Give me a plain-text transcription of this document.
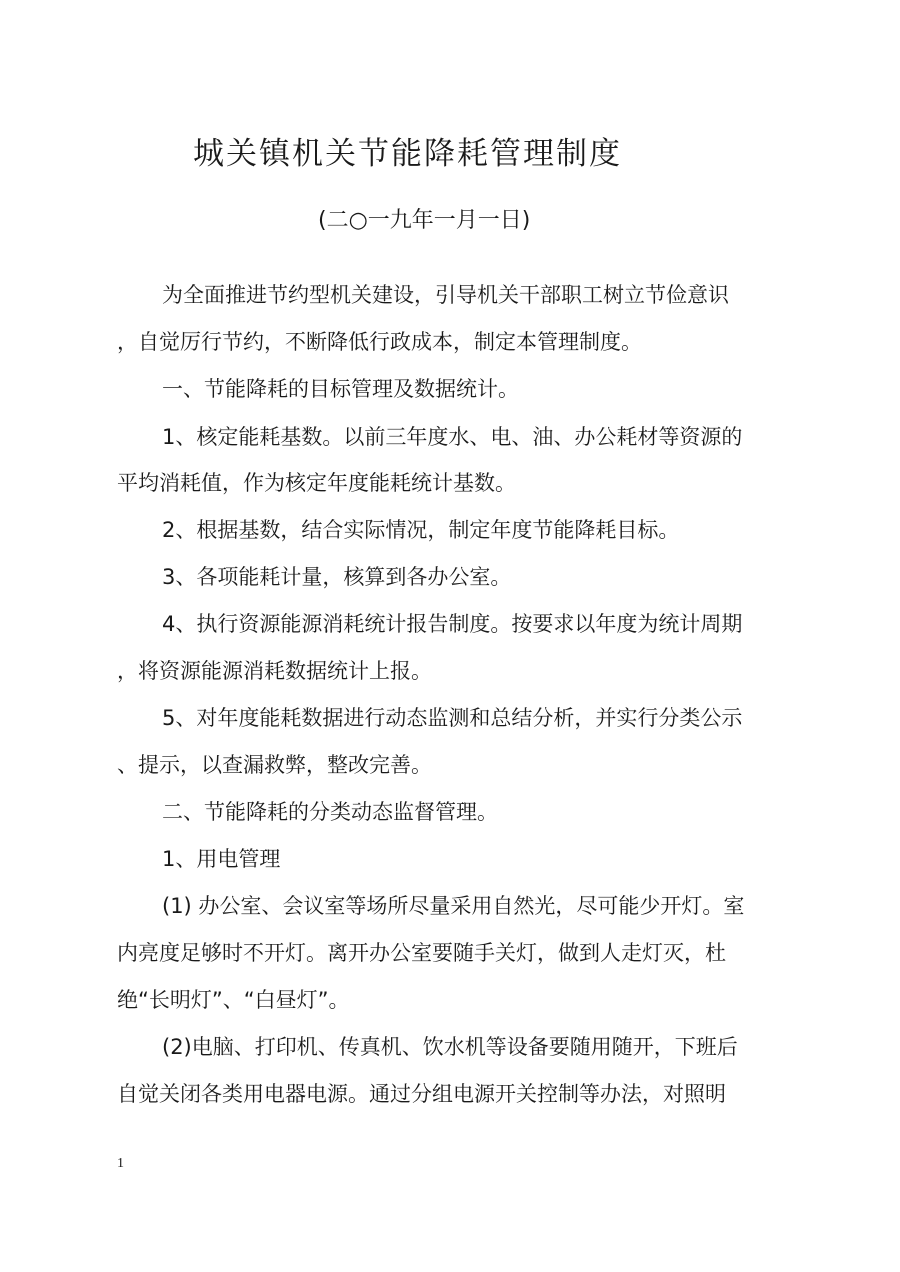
城关镇机关节能降耗管理制度
(二○一九年一月一日)
为全面推进节约型机关建设，引导机关干部职工树立节俭意识
，自觉厉行节约，不断降低行政成本，制定本管理制度。
一、节能降耗的目标管理及数据统计。
1、核定能耗基数。以前三年度水、电、油、办公耗材等资源的
平均消耗值，作为核定年度能耗统计基数。
2、根据基数，结合实际情况，制定年度节能降耗目标。
3、各项能耗计量，核算到各办公室。
4、执行资源能源消耗统计报告制度。按要求以年度为统计周期
，将资源能源消耗数据统计上报。
5、对年度能耗数据进行动态监测和总结分析，并实行分类公示
、提示，以查漏救弊，整改完善。
二、节能降耗的分类动态监督管理。
1、用电管理
(1) 办公室、会议室等场所尽量采用自然光，尽可能少开灯。室
内亮度足够时不开灯。离开办公室要随手关灯，做到人走灯灭，杜
绝“长明灯”、“白昼灯”。
(2)电脑、打印机、传真机、饮水机等设备要随用随开，下班后
自觉关闭各类用电器电源。通过分组电源开关控制等办法，对照明
1
